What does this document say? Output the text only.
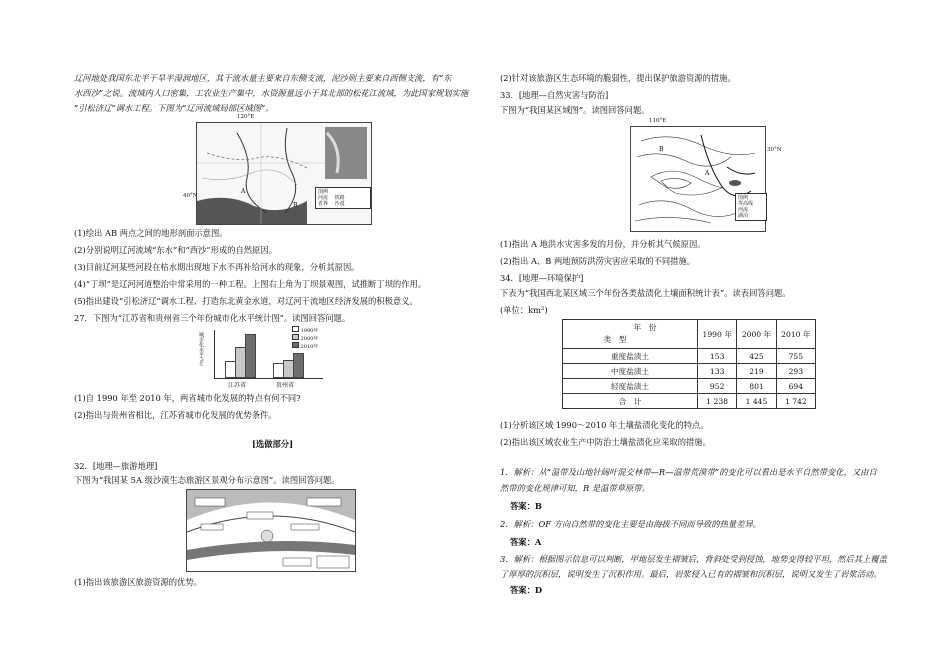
辽河地处我国东北半干旱半湿润地区，其干流水量主要来自东侧支流，泥沙则主要来自西侧支流，有“东
水西沙”之说。流域内人口密集，工农业生产集中，水资源量远小于其北部的松花江流域，为此国家规划实施
“引松济辽”调水工程。下图为“辽河流域局部区域图”。
A
B
120°E
40°N
图例
河流　 铁路
省界　 沙漠
(1)绘出 AB 两点之间的地形剖面示意图。
(2)分别说明辽河流域“东水”和“西沙”形成的自然原因。
(3)目前辽河某些河段在枯水期出现地下水不再补给河水的现象，分析其原因。
(4)“丁坝”是辽河河道整治中常采用的一种工程。上图右上角为丁坝景观图，试推断丁坝的作用。
(5)指出建设“引松济辽”调水工程、打造东北黄金水道，对辽河干流地区经济发展的积极意义。
27．下图为“江苏省和贵州省三个年份城市化水平统计图”。读图回答问题。
城市化水平(%)
1990年
2000年
2010年
江苏省	贵州省
(1)自 1990 年至 2010 年，两省城市化发展的特点有何不同?
(2)指出与贵州省相比，江苏省城市化发展的优势条件。
[选做部分]
32．[地理—旅游地理]
下图为“我国某 5A 级沙漠生态旅游区景观分布示意图”。读图回答问题。
(1)指出该旅游区旅游资源的优势。
(2)针对该旅游区生态环境的脆弱性，提出保护旅游资源的措施。
33．[地理—自然灾害与防治]
下图为“我国某区域图”。读图回答问题。
A
B
110°E
30°N
图例
等高线
河流
湖泊
(1)指出 A 地洪水灾害多发的月份，并分析其气候原因。
(2)指出 A、B 两地预防洪涝灾害应采取的不同措施。
34．[地理—环境保护]
下表为“我国西北某区域三个年份各类盐渍化土壤面积统计表”。读表回答问题。
(单位：km²)
年　份
类　型	1990 年	2000 年	2010 年
重度盐渍土	153	425	755
中度盐渍土	133	219	293
轻度盐渍土	952	801	694
合　计	1 238	1 445	1 742
(1)分析该区域 1990～2010 年土壤盐渍化变化的特点。
(2)指出该区域农业生产中防治土壤盐渍化应采取的措施。
1．解析：从“温带及山地针阔叶混交林带—R—温带荒漠带”的变化可以看出是水平自然带变化，又由自
然带的变化规律可知，R 是温带草原带。
答案：B
2．解析：OF 方向自然带的变化主要是由海拔不同而导致的热量差异。
答案：A
3．解析：根据图示信息可以判断，甲地层发生褶皱后，背斜处受到侵蚀，地势变得较平坦，然后其上覆盖
了厚厚的沉积层，说明发生了沉积作用。最后，岩浆侵入已有的褶皱和沉积层，说明又发生了岩浆活动。
答案：D
